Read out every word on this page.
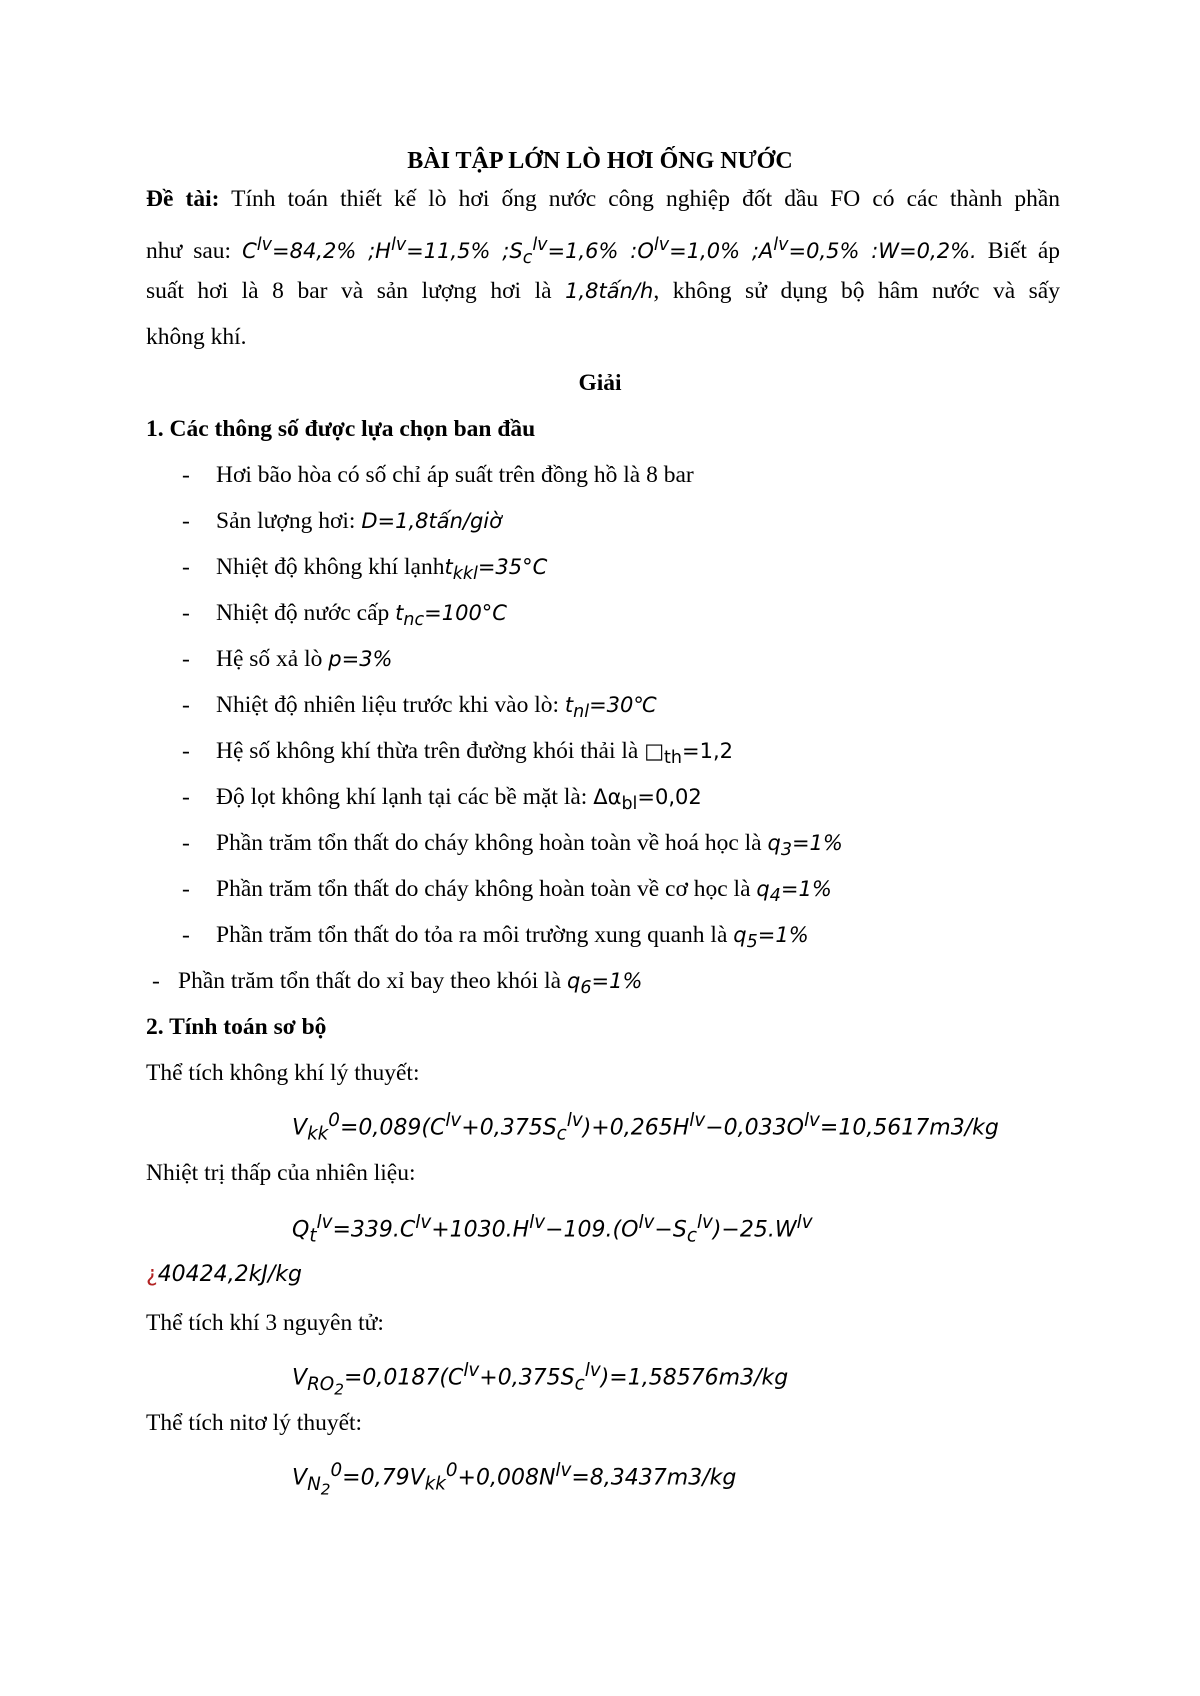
BÀI TẬP LỚN LÒ HƠI ỐNG NƯỚC
Đề tài: Tính toán thiết kế lò hơi ống nước công nghiệp đốt dầu FO có các thành phần
như sau: $C^{lv}=84,2\%$ $;H^{lv}=11,5\%$ $;S_c^{lv}=1,6\%$ $:O^{lv}=1,0\%$ $;A^{lv}=0,5\%$ :W=0,2%. Biết áp
suất hơi là 8 bar và sản lượng hơi là 1,8tấn/h, không sử dụng bộ hâm nước và sấy
không khí.
Giải
1. Các thông số được lựa chọn ban đầu
- Hơi bão hòa có số chỉ áp suất trên đồng hồ là 8 bar
- Sản lượng hơi: D=1,8tấn/giờ
- Nhiệt độ không khí lạnht$_{kkl}$=35°C
- Nhiệt độ nước cấp $t_{nc}=100^\circ C$
- Hệ số xả lò p=3%
- Nhiệt độ nhiên liệu trước khi vào lò: $t_{nl}=30℃$
- Hệ số không khí thừa trên đường khói thải là $□_{th}=1,2$
- Độ lọt không khí lạnh tại các bề mặt là: $\Delta\alpha_{bl}=0,02$
- Phần trăm tổn thất do cháy không hoàn toàn về hoá học là $q_3=1\%$
- Phần trăm tổn thất do cháy không hoàn toàn về cơ học là $q_4=1\%$
- Phần trăm tổn thất do tỏa ra môi trường xung quanh là $q_5=1\%$
- Phần trăm tổn thất do xỉ bay theo khói là $q_6=1\%$
2. Tính toán sơ bộ
Thể tích không khí lý thuyết:
$V_{kk}^0=0,089(C^{lv}+0,375S_c^{lv})+0,265H^{lv}-0,033O^{lv}=10,5617m3/kg$
Nhiệt trị thấp của nhiên liệu:
$Q_t^{lv}=339.C^{lv}+1030.H^{lv}-109.(O^{lv}-S_c^{lv})-25.W^{lv}$
¿40424,2kJ/kg
Thể tích khí 3 nguyên tử:
$V_{RO_2}=0,0187(C^{lv}+0,375S_c^{lv})=1,58576m3/kg$
Thể tích nitơ lý thuyết:
$V_{N_2}^0=0,79V_{kk}^0+0,008N^{lv}=8,3437m3/kg$
